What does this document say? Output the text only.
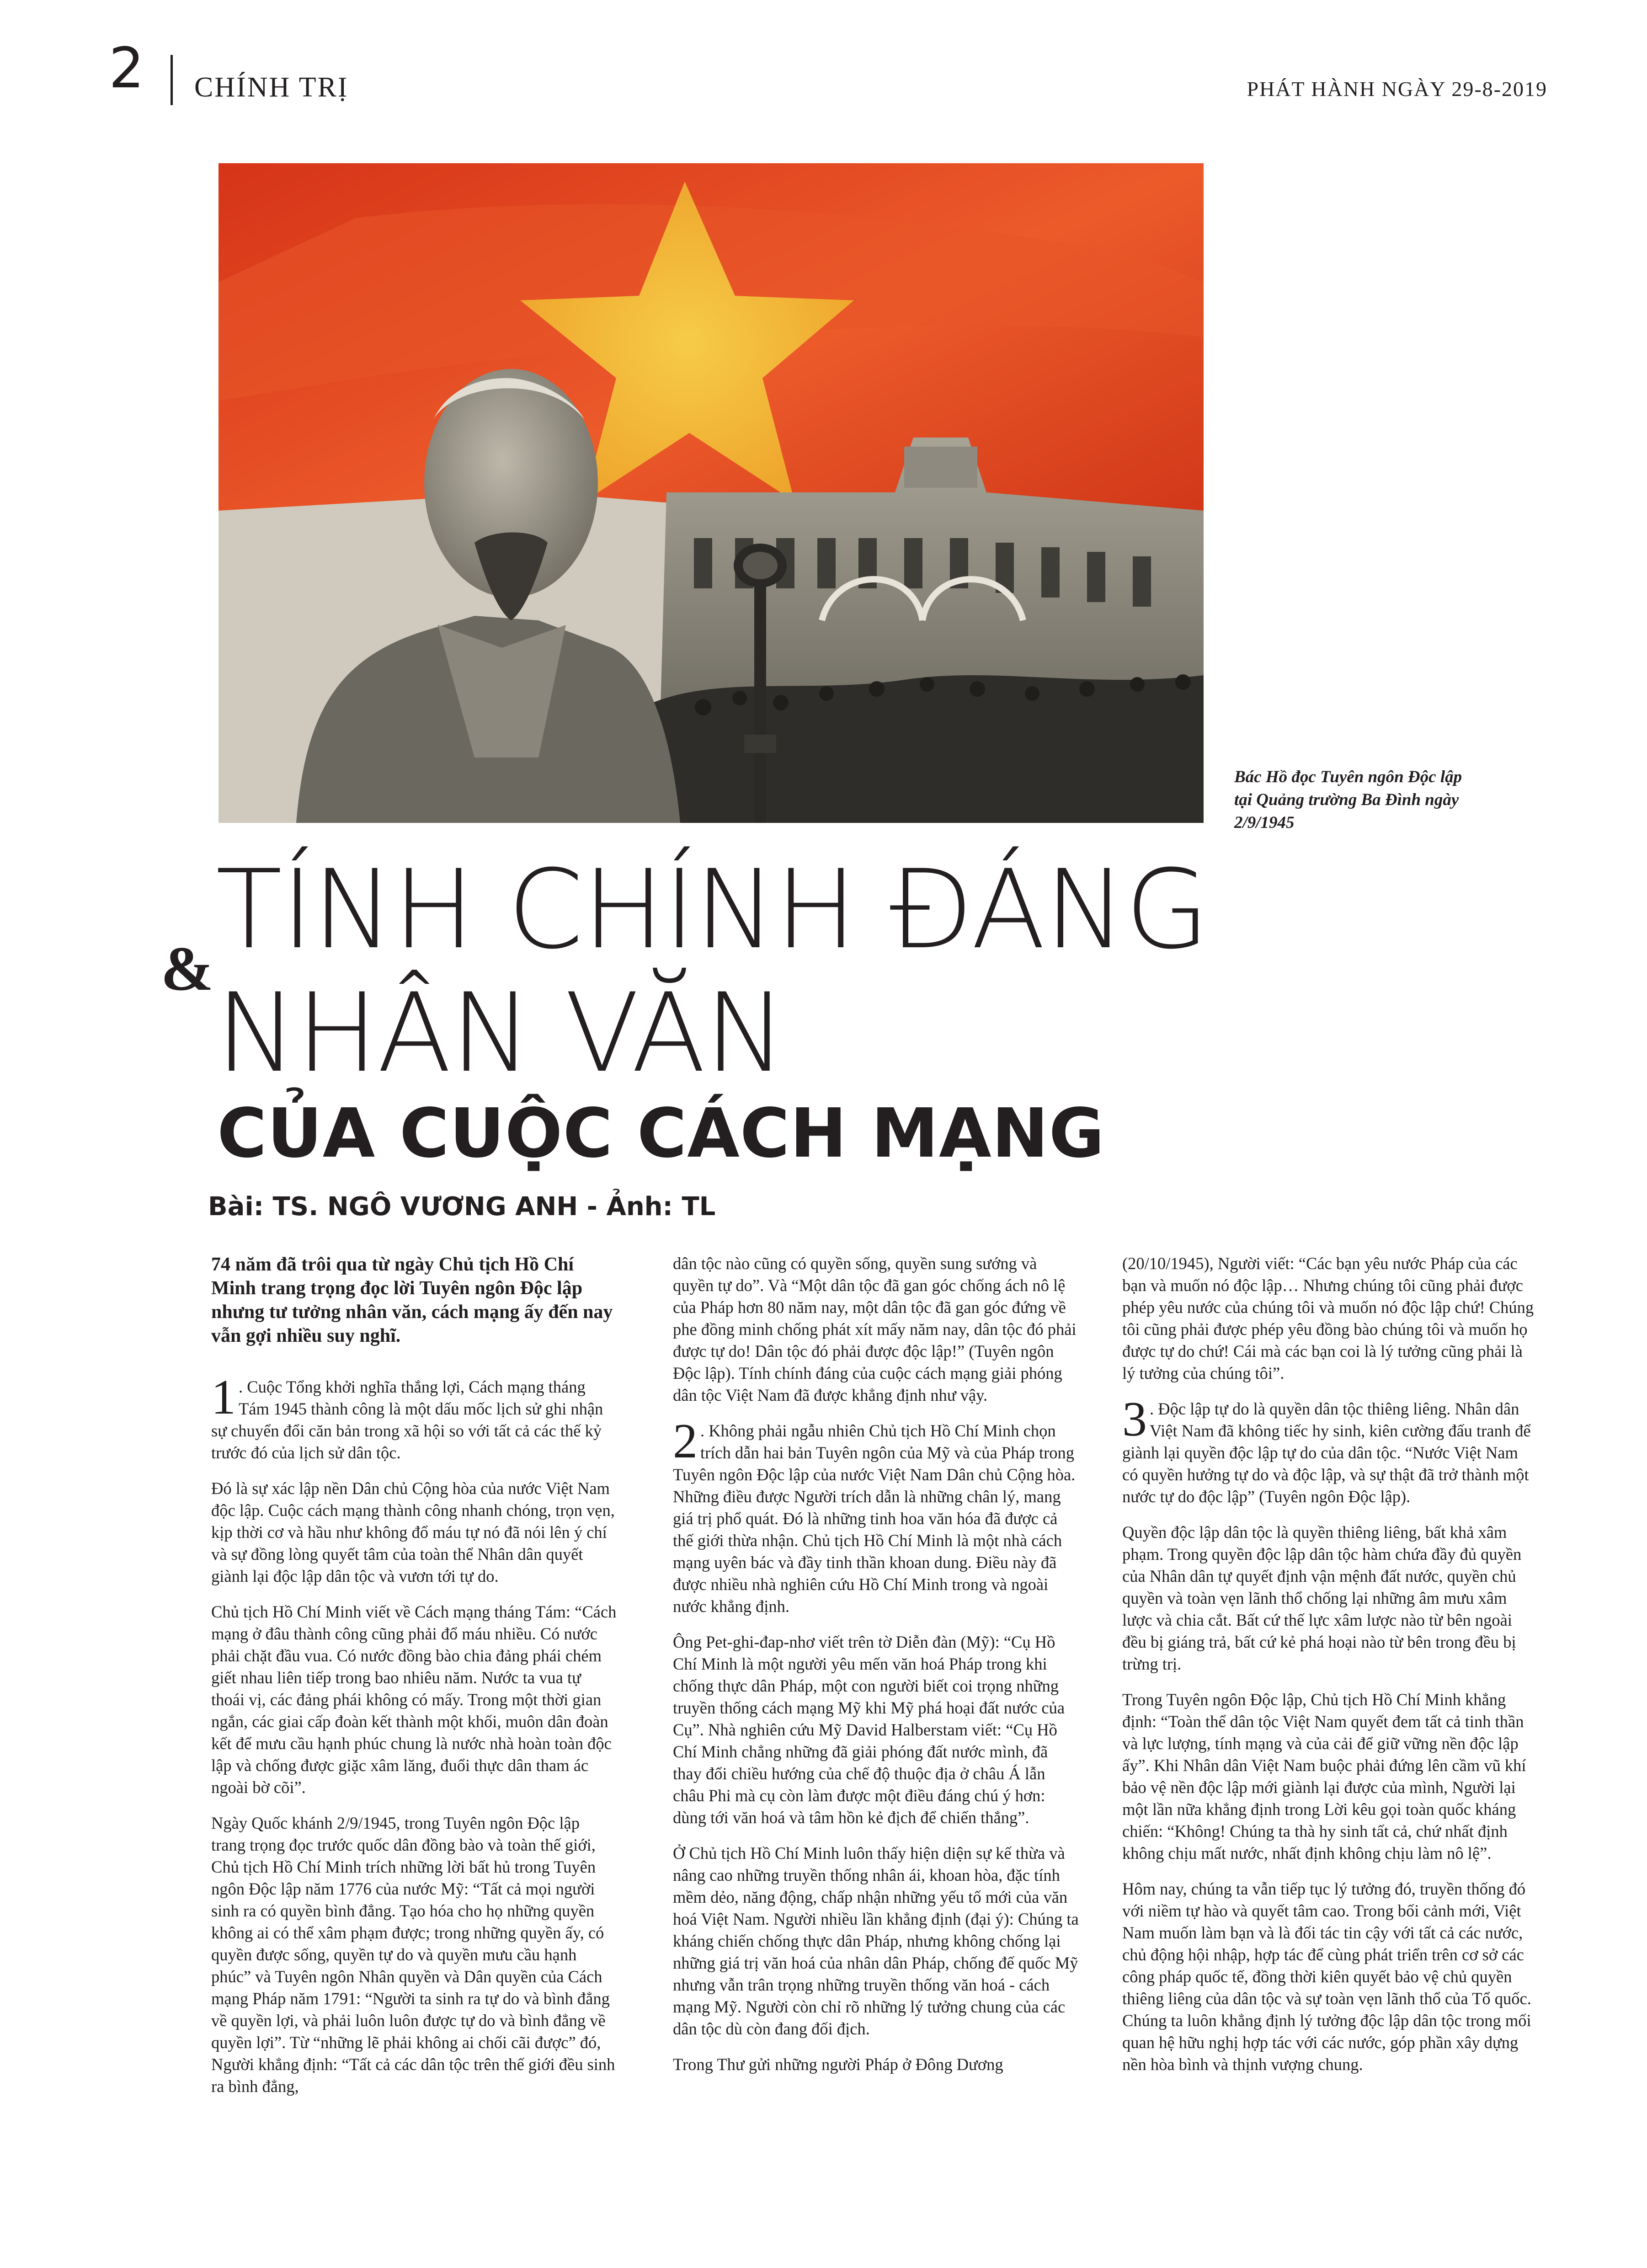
2 CHÍNH TRỊ	PHÁT HÀNH NGÀY 29-8-2019
Bác Hồ đọc Tuyên ngôn Độc lập tại Quảng trường Ba Đình ngày 2/9/1945
TÍNH CHÍNH ĐÁNG
&
NHÂN VĂN
CỦA CUỘC CÁCH MẠNG
Bài: TS. NGÔ VƯƠNG ANH - Ảnh: TL

74 năm đã trôi qua từ ngày Chủ tịch Hồ Chí Minh trang trọng đọc lời Tuyên ngôn Độc lập nhưng tư tưởng nhân văn, cách mạng ấy đến nay vẫn gợi nhiều suy nghĩ.

1 . Cuộc Tổng khởi nghĩa thắng lợi, Cách mạng tháng Tám 1945 thành công là một dấu mốc lịch sử ghi nhận sự chuyển đổi căn bản trong xã hội so với tất cả các thế kỷ trước đó của lịch sử dân tộc.

Đó là sự xác lập nền Dân chủ Cộng hòa của nước Việt Nam độc lập. Cuộc cách mạng thành công nhanh chóng, trọn vẹn, kịp thời cơ và hầu như không đổ máu tự nó đã nói lên ý chí và sự đồng lòng quyết tâm của toàn thể Nhân dân quyết giành lại độc lập dân tộc và vươn tới tự do.

Chủ tịch Hồ Chí Minh viết về Cách mạng tháng Tám: “Cách mạng ở đâu thành công cũng phải đổ máu nhiều. Có nước phải chặt đầu vua. Có nước đồng bào chia đảng phái chém giết nhau liên tiếp trong bao nhiêu năm. Nước ta vua tự thoái vị, các đảng phái không có mấy. Trong một thời gian ngắn, các giai cấp đoàn kết thành một khối, muôn dân đoàn kết để mưu cầu hạnh phúc chung là nước nhà hoàn toàn độc lập và chống được giặc xâm lăng, đuổi thực dân tham ác ngoài bờ cõi”.

Ngày Quốc khánh 2/9/1945, trong Tuyên ngôn Độc lập trang trọng đọc trước quốc dân đồng bào và toàn thế giới, Chủ tịch Hồ Chí Minh trích những lời bất hủ trong Tuyên ngôn Độc lập năm 1776 của nước Mỹ: “Tất cả mọi người sinh ra có quyền bình đẳng. Tạo hóa cho họ những quyền không ai có thể xâm phạm được; trong những quyền ấy, có quyền được sống, quyền tự do và quyền mưu cầu hạnh phúc” và Tuyên ngôn Nhân quyền và Dân quyền của Cách mạng Pháp năm 1791: “Người ta sinh ra tự do và bình đẳng về quyền lợi, và phải luôn luôn được tự do và bình đẳng về quyền lợi”. Từ “những lẽ phải không ai chối cãi được” đó, Người khẳng định: “Tất cả các dân tộc trên thế giới đều sinh ra bình đẳng,

dân tộc nào cũng có quyền sống, quyền sung sướng và quyền tự do”. Và “Một dân tộc đã gan góc chống ách nô lệ của Pháp hơn 80 năm nay, một dân tộc đã gan góc đứng về phe đồng minh chống phát xít mấy năm nay, dân tộc đó phải được tự do! Dân tộc đó phải được độc lập!” (Tuyên ngôn Độc lập). Tính chính đáng của cuộc cách mạng giải phóng dân tộc Việt Nam đã được khẳng định như vậy.

2 . Không phải ngẫu nhiên Chủ tịch Hồ Chí Minh chọn trích dẫn hai bản Tuyên ngôn của Mỹ và của Pháp trong Tuyên ngôn Độc lập của nước Việt Nam Dân chủ Cộng hòa. Những điều được Người trích dẫn là những chân lý, mang giá trị phổ quát. Đó là những tinh hoa văn hóa đã được cả thế giới thừa nhận. Chủ tịch Hồ Chí Minh là một nhà cách mạng uyên bác và đầy tinh thần khoan dung. Điều này đã được nhiều nhà nghiên cứu Hồ Chí Minh trong và ngoài nước khẳng định.

Ông Pet-ghi-đap-nhơ viết trên tờ Diễn đàn (Mỹ): “Cụ Hồ Chí Minh là một người yêu mến văn hoá Pháp trong khi chống thực dân Pháp, một con người biết coi trọng những truyền thống cách mạng Mỹ khi Mỹ phá hoại đất nước của Cụ”. Nhà nghiên cứu Mỹ David Halberstam viết: “Cụ Hồ Chí Minh chẳng những đã giải phóng đất nước mình, đã thay đổi chiều hướng của chế độ thuộc địa ở châu Á lẫn châu Phi mà cụ còn làm được một điều đáng chú ý hơn: dùng tới văn hoá và tâm hồn kẻ địch để chiến thắng”.

Ở Chủ tịch Hồ Chí Minh luôn thấy hiện diện sự kế thừa và nâng cao những truyền thống nhân ái, khoan hòa, đặc tính mềm dẻo, năng động, chấp nhận những yếu tố mới của văn hoá Việt Nam. Người nhiều lần khẳng định (đại ý): Chúng ta kháng chiến chống thực dân Pháp, nhưng không chống lại những giá trị văn hoá của nhân dân Pháp, chống đế quốc Mỹ nhưng vẫn trân trọng những truyền thống văn hoá - cách mạng Mỹ. Người còn chỉ rõ những lý tưởng chung của các dân tộc dù còn đang đối địch.

Trong Thư gửi những người Pháp ở Đông Dương

(20/10/1945), Người viết: “Các bạn yêu nước Pháp của các bạn và muốn nó độc lập… Nhưng chúng tôi cũng phải được phép yêu nước của chúng tôi và muốn nó độc lập chứ! Chúng tôi cũng phải được phép yêu đồng bào chúng tôi và muốn họ được tự do chứ! Cái mà các bạn coi là lý tưởng cũng phải là lý tưởng của chúng tôi”.

3 . Độc lập tự do là quyền dân tộc thiêng liêng. Nhân dân Việt Nam đã không tiếc hy sinh, kiên cường đấu tranh để giành lại quyền độc lập tự do của dân tộc. “Nước Việt Nam có quyền hưởng tự do và độc lập, và sự thật đã trở thành một nước tự do độc lập” (Tuyên ngôn Độc lập).

Quyền độc lập dân tộc là quyền thiêng liêng, bất khả xâm phạm. Trong quyền độc lập dân tộc hàm chứa đầy đủ quyền của Nhân dân tự quyết định vận mệnh đất nước, quyền chủ quyền và toàn vẹn lãnh thổ chống lại những âm mưu xâm lược và chia cắt. Bất cứ thế lực xâm lược nào từ bên ngoài đều bị giáng trả, bất cứ kẻ phá hoại nào từ bên trong đều bị trừng trị.

Trong Tuyên ngôn Độc lập, Chủ tịch Hồ Chí Minh khẳng định: “Toàn thể dân tộc Việt Nam quyết đem tất cả tinh thần và lực lượng, tính mạng và của cải để giữ vững nền độc lập ấy”. Khi Nhân dân Việt Nam buộc phải đứng lên cầm vũ khí bảo vệ nền độc lập mới giành lại được của mình, Người lại một lần nữa khẳng định trong Lời kêu gọi toàn quốc kháng chiến: “Không! Chúng ta thà hy sinh tất cả, chứ nhất định không chịu mất nước, nhất định không chịu làm nô lệ”.

Hôm nay, chúng ta vẫn tiếp tục lý tưởng đó, truyền thống đó với niềm tự hào và quyết tâm cao. Trong bối cảnh mới, Việt Nam muốn làm bạn và là đối tác tin cậy với tất cả các nước, chủ động hội nhập, hợp tác để cùng phát triển trên cơ sở các công pháp quốc tế, đồng thời kiên quyết bảo vệ chủ quyền thiêng liêng của dân tộc và sự toàn vẹn lãnh thổ của Tổ quốc. Chúng ta luôn khẳng định lý tưởng độc lập dân tộc trong mối quan hệ hữu nghị hợp tác với các nước, góp phần xây dựng nền hòa bình và thịnh vượng chung.
